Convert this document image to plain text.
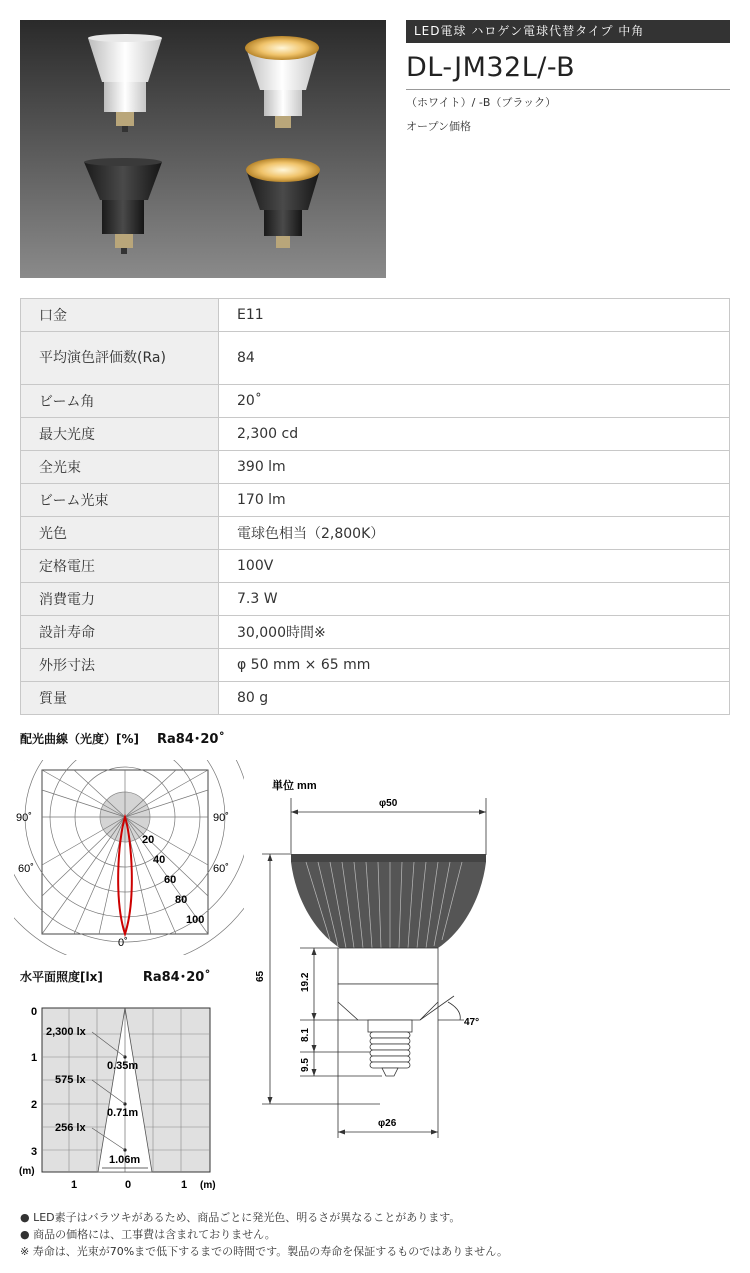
LED電球 ハロゲン電球代替タイプ 中角
DL-JM32L/-B
（ホワイト）/ -B（ブラック）
オープン価格
口金	E11
平均演色評価数(Ra)	84
ビーム角	20˚
最大光度	2,300 cd
全光束	390 lm
ビーム光束	170 lm
光色	電球色相当（2,800K）
定格電圧	100V
消費電力	7.3 W
設計寿命	30,000時間※
外形寸法	φ 50 mm × 65 mm
質量	80 g
配光曲線（光度）[%] Ra84･20˚
90˚	90˚
60˚	60˚
0˚
20
40
60
80
100
水平面照度[lx]	Ra84･20˚
0
1
2
3
(m)
1	0	1 (m)
2,300 lx
575 lx
256 lx
0.35m
0.71m
1.06m
単位 mm
φ50
65	19.2
8.1
9.5
47°
φ26
● LED素子はバラツキがあるため、商品ごとに発光色、明るさが異なることがあります。
● 商品の価格には、工事費は含まれておりません。
※ 寿命は、光束が70%まで低下するまでの時間です。製品の寿命を保証するものではありません。
